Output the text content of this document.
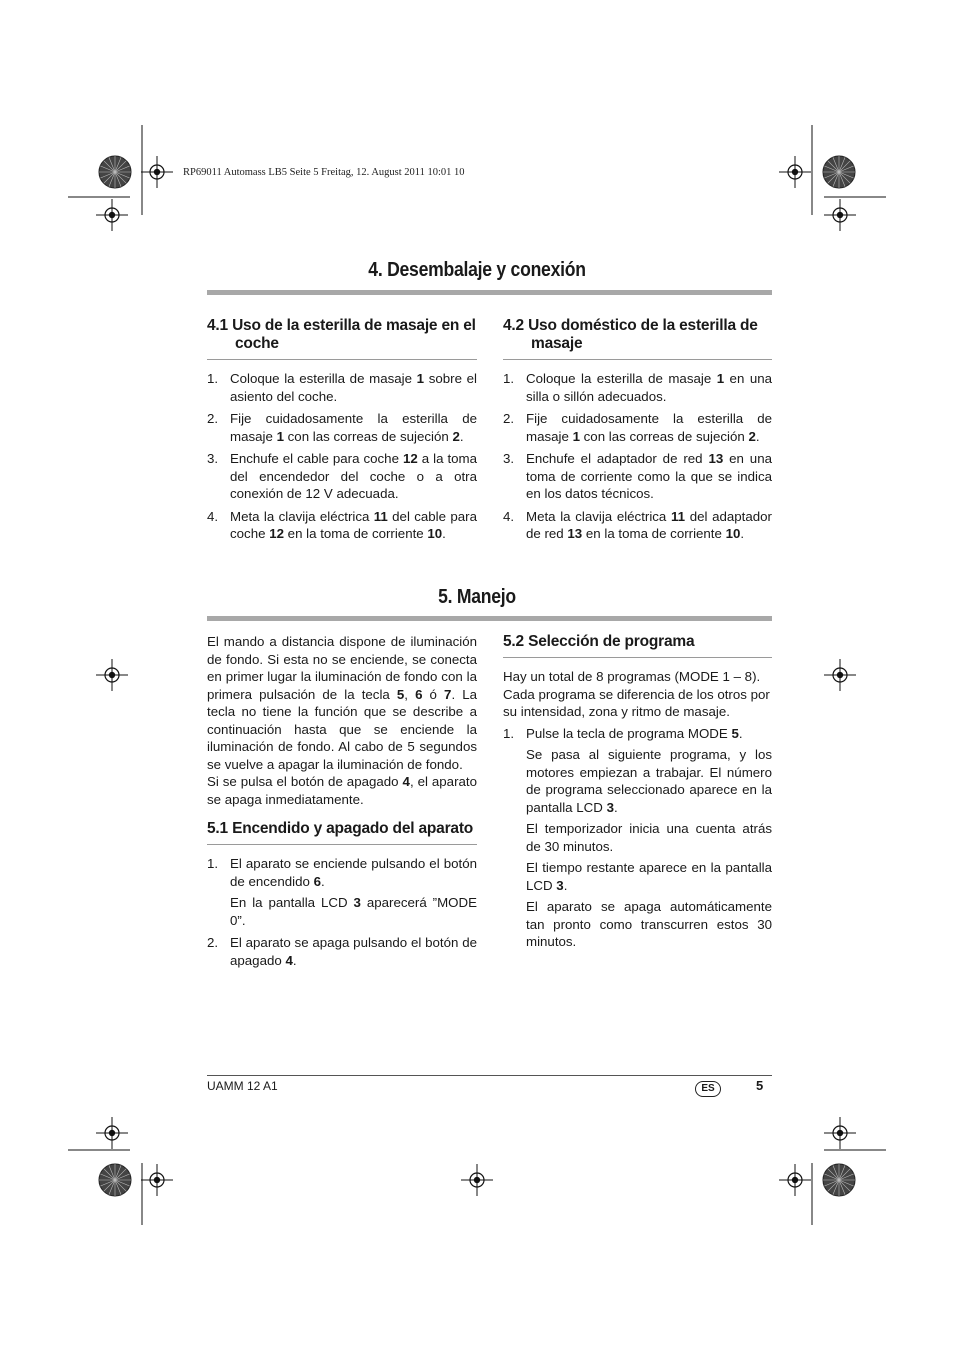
RP69011 Automass LB5 Seite 5 Freitag, 12. August 2011 10:01 10
4. Desembalaje y conexión
4.1 Uso de la esterilla de masaje en el
coche
1. Coloque la esterilla de masaje 1 sobre el asiento del coche.
2. Fije cuidadosamente la esterilla de masaje 1 con las correas de sujeción 2.
3. Enchufe el cable para coche 12 a la toma del encendedor del coche o a otra conexión de 12 V adecuada.
4. Meta la clavija eléctrica 11 del cable para coche 12 en la toma de corriente 10.
4.2 Uso doméstico de la esterilla de
masaje
1. Coloque la esterilla de masaje 1 en una silla o sillón adecuados.
2. Fije cuidadosamente la esterilla de masaje 1 con las correas de sujeción 2.
3. Enchufe el adaptador de red 13 en una toma de corriente como la que se indica en los datos técnicos.
4. Meta la clavija eléctrica 11 del adaptador de red 13 en la toma de corriente 10.
5. Manejo

El mando a distancia dispone de iluminación de fondo. Si esta no se enciende, se conecta en primer lugar la iluminación de fondo con la primera pulsación de la tecla 5, 6 ó 7. La tecla no tiene la función que se describe a continuación hasta que se enciende la iluminación de fondo. Al cabo de 5 segundos se vuelve a apagar la iluminación de fondo.

Si se pulsa el botón de apagado 4, el aparato se apaga inmediatamente.

5.1 Encendido y apagado del aparato
1. El aparato se enciende pulsando el botón de encendido 6.
En la pantalla LCD 3 aparecerá ”MODE 0”.
2. El aparato se apaga pulsando el botón de apagado 4.
5.2 Selección de programa

Hay un total de 8 programas (MODE 1 – 8). Cada programa se diferencia de los otros por su intensidad, zona y ritmo de masaje.

1. Pulse la tecla de programa MODE 5.
Se pasa al siguiente programa, y los motores empiezan a trabajar. El número de programa seleccionado aparece en la pantalla LCD 3.
El temporizador inicia una cuenta atrás de 30 minutos.
El tiempo restante aparece en la pantalla LCD 3.
El aparato se apaga automáticamente tan pronto como transcurren estos 30 minutos.
UAMM 12 A1	ES	5
